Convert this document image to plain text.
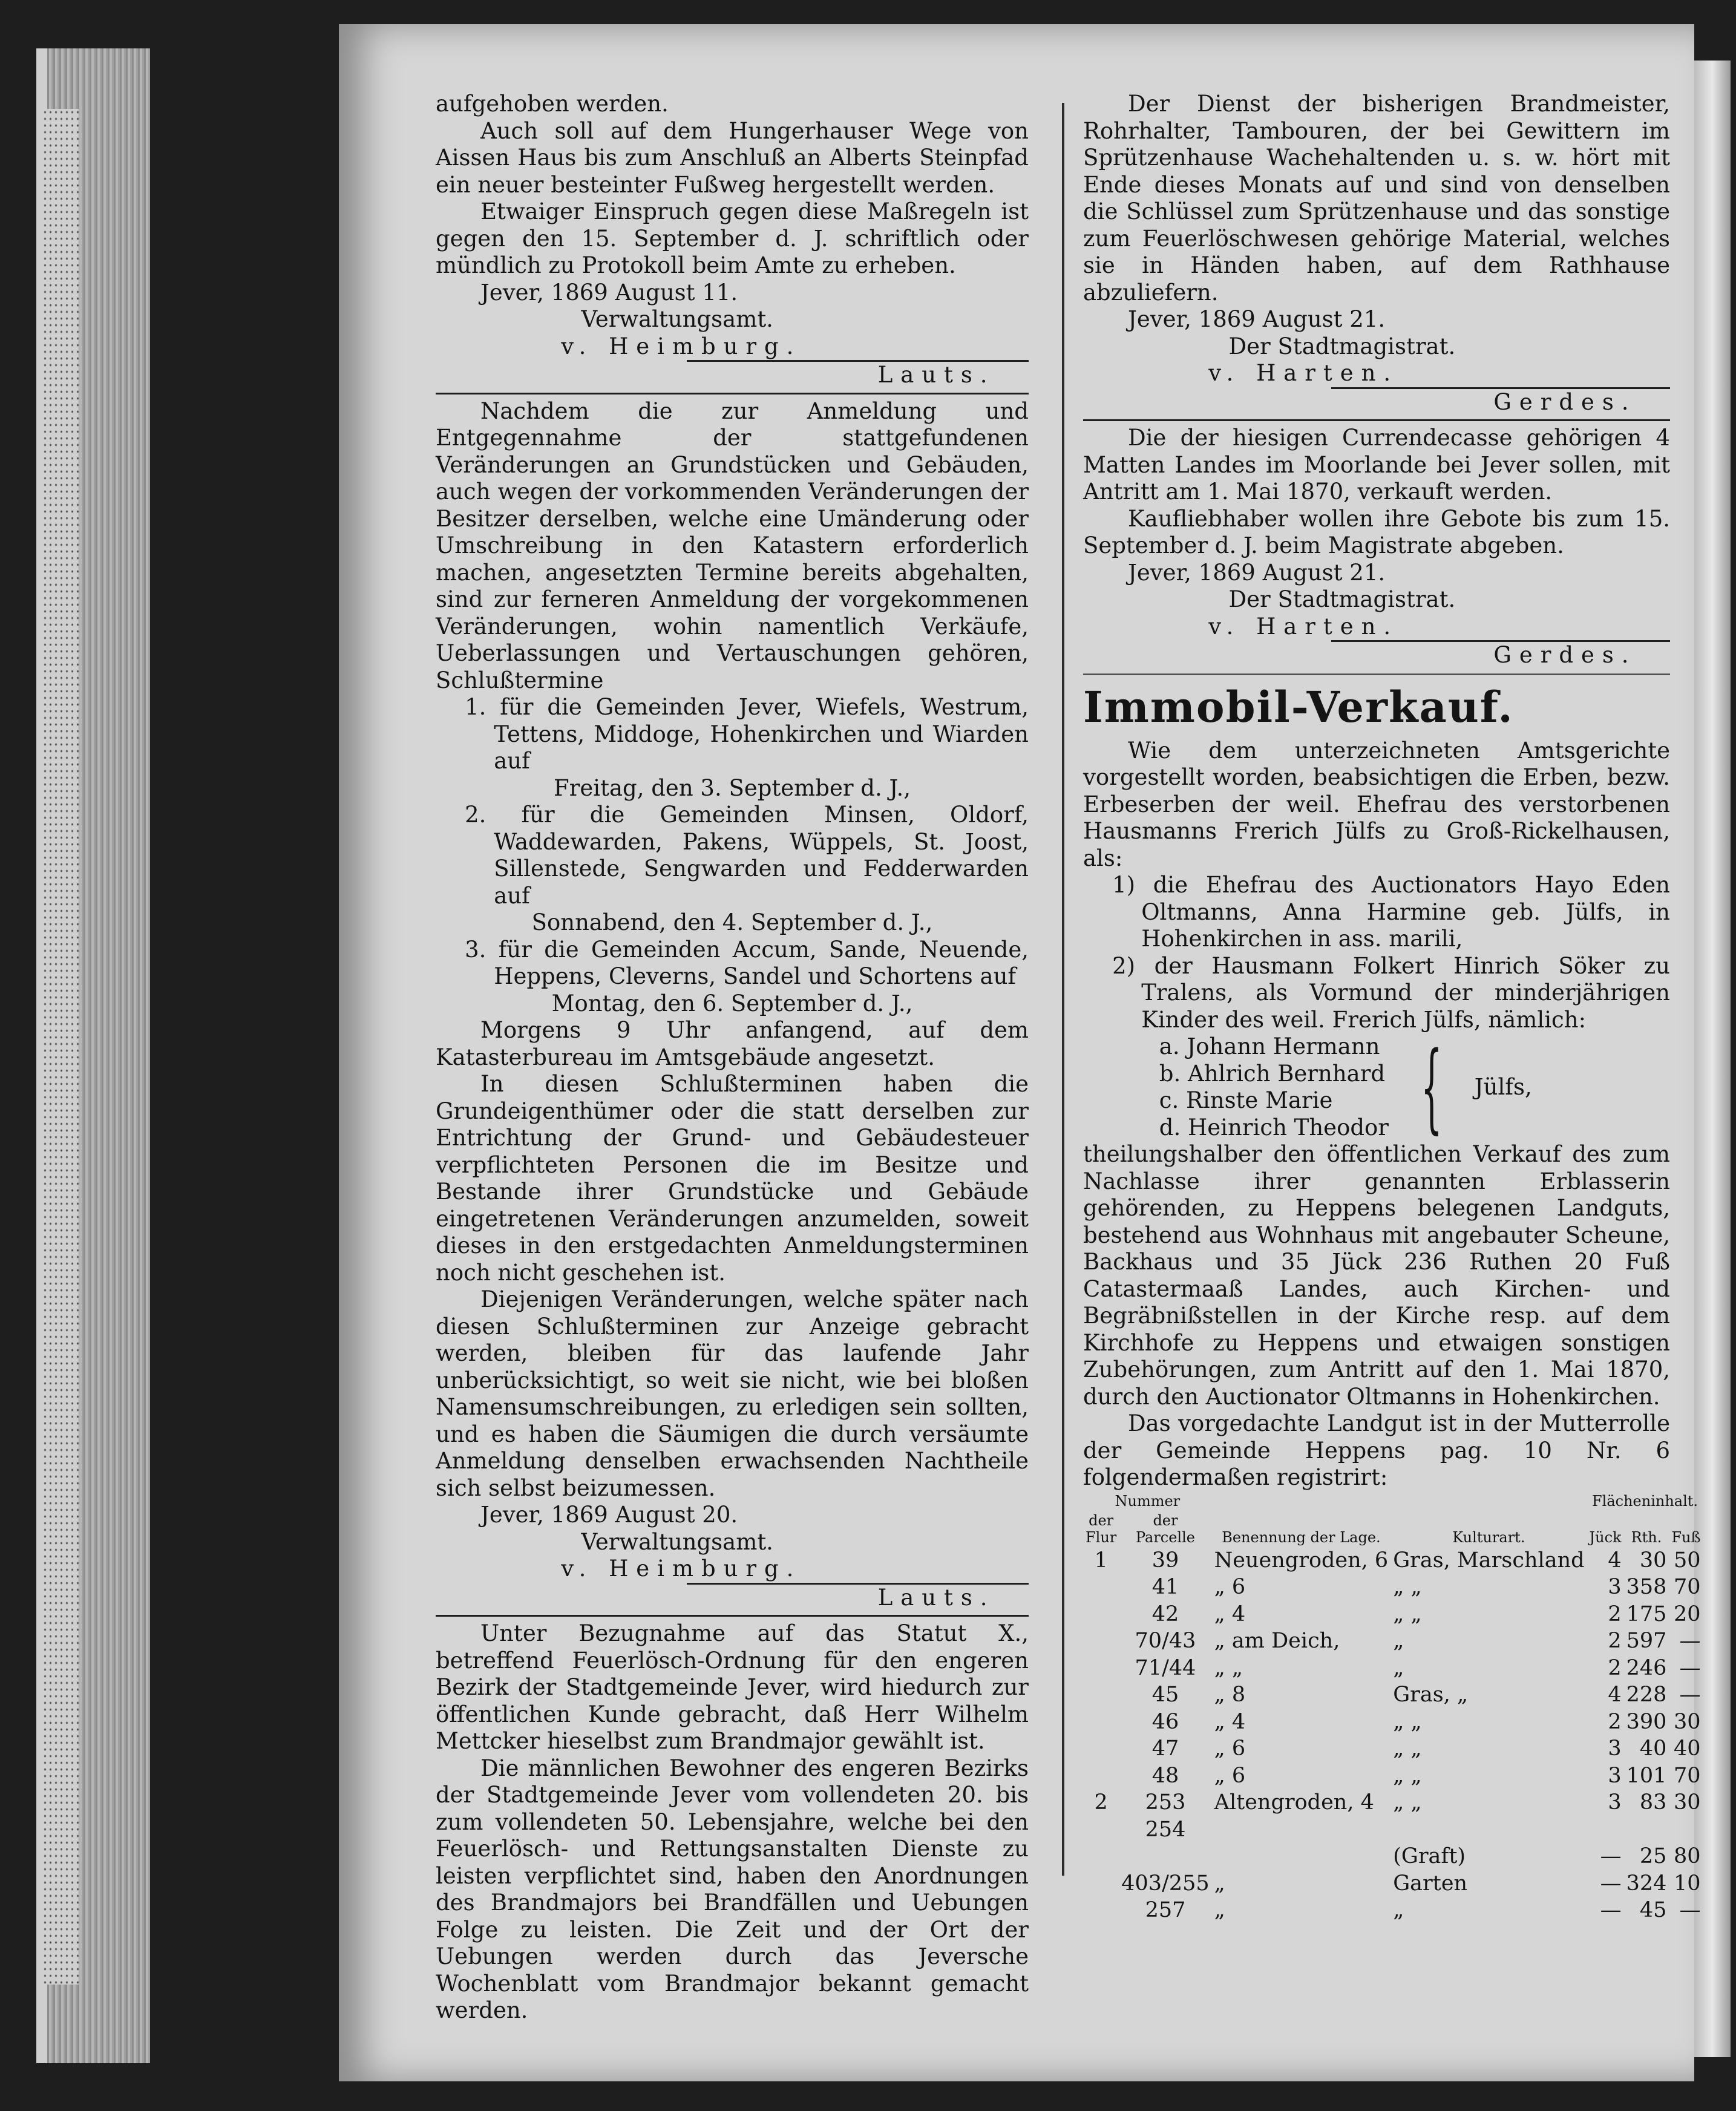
aufgehoben werden.

Auch soll auf dem Hungerhauser Wege von Aissen Haus bis zum Anschluß an Alberts Steinpfad ein neuer besteinter Fußweg hergestellt werden.

Etwaiger Einspruch gegen diese Maßregeln ist gegen den 15. September d. J. schriftlich oder mündlich zu Protokoll beim Amte zu erheben.

Jever, 1869 August 11.

Verwaltungsamt.

v. Heimburg.

Lauts.

Nachdem die zur Anmeldung und Entgegennahme der stattgefundenen Veränderungen an Grundstücken und Gebäuden, auch wegen der vorkommenden Veränderungen der Besitzer derselben, welche eine Umänderung oder Umschreibung in den Katastern erforderlich machen, angesetzten Termine bereits abgehalten, sind zur ferneren Anmeldung der vorgekommenen Veränderungen, wohin namentlich Verkäufe, Ueberlassungen und Vertauschungen gehören, Schlußtermine

1. für die Gemeinden Jever, Wiefels, Westrum, Tettens, Middoge, Hohenkirchen und Wiarden auf

Freitag, den 3. September d. J.,

2. für die Gemeinden Minsen, Oldorf, Waddewarden, Pakens, Wüppels, St. Joost, Sillenstede, Sengwarden und Fedderwarden auf

Sonnabend, den 4. September d. J.,

3. für die Gemeinden Accum, Sande, Neuende, Heppens, Cleverns, Sandel und Schortens auf

Montag, den 6. September d. J.,

Morgens 9 Uhr anfangend, auf dem Katasterbureau im Amtsgebäude angesetzt.

In diesen Schlußterminen haben die Grundeigenthümer oder die statt derselben zur Entrichtung der Grund- und Gebäudesteuer verpflichteten Personen die im Besitze und Bestande ihrer Grundstücke und Gebäude eingetretenen Veränderungen anzumelden, soweit dieses in den erstgedachten Anmeldungsterminen noch nicht geschehen ist.

Diejenigen Veränderungen, welche später nach diesen Schlußterminen zur Anzeige gebracht werden, bleiben für das laufende Jahr unberücksichtigt, so weit sie nicht, wie bei bloßen Namensumschreibungen, zu erledigen sein sollten, und es haben die Säumigen die durch versäumte Anmeldung denselben erwachsenden Nachtheile sich selbst beizumessen.

Jever, 1869 August 20.

Verwaltungsamt.

v. Heimburg.

Lauts.

Unter Bezugnahme auf das Statut X., betreffend Feuerlösch-Ordnung für den engeren Bezirk der Stadtgemeinde Jever, wird hiedurch zur öffentlichen Kunde gebracht, daß Herr Wilhelm Mettcker hieselbst zum Brandmajor gewählt ist.

Die männlichen Bewohner des engeren Bezirks der Stadtgemeinde Jever vom vollendeten 20. bis zum vollendeten 50. Lebensjahre, welche bei den Feuerlösch- und Rettungsanstalten Dienste zu leisten verpflichtet sind, haben den Anordnungen des Brandmajors bei Brandfällen und Uebungen Folge zu leisten. Die Zeit und der Ort der Uebungen werden durch das Jeversche Wochenblatt vom Brandmajor bekannt gemacht werden.

Der Dienst der bisherigen Brandmeister, Rohrhalter, Tambouren, der bei Gewittern im Sprützenhause Wachehaltenden u. s. w. hört mit Ende dieses Monats auf und sind von denselben die Schlüssel zum Sprützenhause und das sonstige zum Feuerlöschwesen gehörige Material, welches sie in Händen haben, auf dem Rathhause abzuliefern.

Jever, 1869 August 21.

Der Stadtmagistrat.

v. Harten.

Gerdes.

Die der hiesigen Currendecasse gehörigen 4 Matten Landes im Moorlande bei Jever sollen, mit Antritt am 1. Mai 1870, verkauft werden.

Kaufliebhaber wollen ihre Gebote bis zum 15. September d. J. beim Magistrate abgeben.

Jever, 1869 August 21.

Der Stadtmagistrat.

v. Harten.

Gerdes.

Immobil-Verkauf.

Wie dem unterzeichneten Amtsgerichte vorgestellt worden, beabsichtigen die Erben, bezw. Erbeserben der weil. Ehefrau des verstorbenen Hausmanns Frerich Jülfs zu Groß-Rickelhausen, als:

1) die Ehefrau des Auctionators Hayo Eden Oltmanns, Anna Harmine geb. Jülfs, in Hohenkirchen in ass. marili,

2) der Hausmann Folkert Hinrich Söker zu Tralens, als Vormund der minderjährigen Kinder des weil. Frerich Jülfs, nämlich:

a. Johann Hermann
b. Ahlrich Bernhard
c. Rinste Marie
d. Heinrich Theodor { Jülfs,

theilungshalber den öffentlichen Verkauf des zum Nachlasse ihrer genannten Erblasserin gehörenden, zu Heppens belegenen Landguts, bestehend aus Wohnhaus mit angebauter Scheune, Backhaus und 35 Jück 236 Ruthen 20 Fuß Catastermaaß Landes, auch Kirchen- und Begräbnißstellen in der Kirche resp. auf dem Kirchhofe zu Heppens und etwaigen sonstigen Zubehörungen, zum Antritt auf den 1. Mai 1870, durch den Auctionator Oltmanns in Hohenkirchen.

Das vorgedachte Landgut ist in der Mutterrolle der Gemeinde Heppens pag. 10 Nr. 6 folgendermaßen registrirt:

Nummer		Benennung der Lage.	Kulturart.	Flächeninhalt.		
der Flur	der Parcelle			Jück	Rth.	Fuß
1	39	Neuengroden, 6	Gras, Marschland	4	30	50
	41	„ 6	„ „	3	358	70
	42	„ 4	„ „	2	175	20
	70/43	„ am Deich,	„	2	597	—
	71/44	„ „	„	2	246	—
	45	„ 8	Gras, „	4	228	—
	46	„ 4	„ „	2	390	30
	47	„ 6	„ „	3	40	40
	48	„ 6	„ „	3	101	70
2	253	Altengroden, 4	„ „	3	83	30
	254					
			(Graft)	—	25	80
	403/255	„	Garten	—	324	10
	257	„	„	—	45	—
